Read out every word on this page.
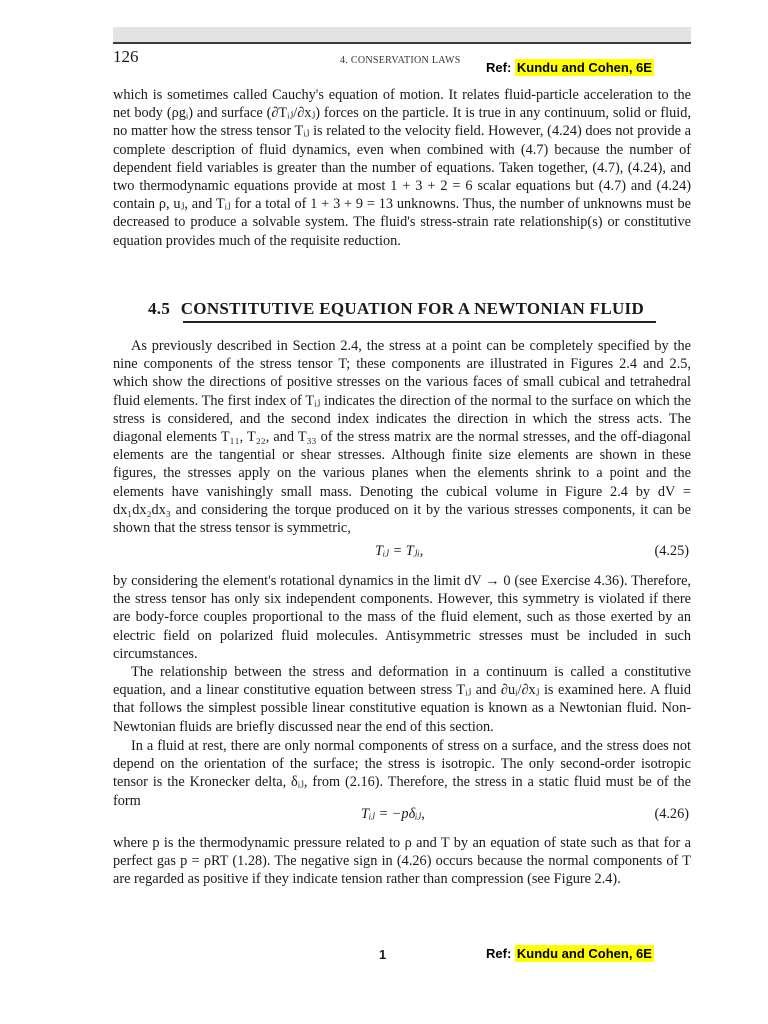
126	4. CONSERVATION LAWS Ref: Kundu and Cohen, 6E

which is sometimes called Cauchy's equation of motion. It relates fluid-particle acceleration to the net body (ρgᵢ) and surface (∂Tᵢⱼ/∂xⱼ) forces on the particle. It is true in any continuum, solid or fluid, no matter how the stress tensor Tᵢⱼ is related to the velocity field. However, (4.24) does not provide a complete description of fluid dynamics, even when combined with (4.7) because the number of dependent field variables is greater than the number of equations. Taken together, (4.7), (4.24), and two thermodynamic equations provide at most 1 + 3 + 2 = 6 scalar equations but (4.7) and (4.24) contain ρ, uⱼ, and Tᵢⱼ for a total of 1 + 3 + 9 = 13 unknowns. Thus, the number of unknowns must be decreased to produce a solvable system. The fluid's stress-strain rate relationship(s) or constitutive equation provides much of the requisite reduction.

4.5 CONSTITUTIVE EQUATION FOR A NEWTONIAN FLUID

As previously described in Section 2.4, the stress at a point can be completely specified by the nine components of the stress tensor T; these components are illustrated in Figures 2.4 and 2.5, which show the directions of positive stresses on the various faces of small cubical and tetrahedral fluid elements. The first index of Tᵢⱼ indicates the direction of the normal to the surface on which the stress is considered, and the second index indicates the direction in which the stress acts. The diagonal elements T₁₁, T₂₂, and T₃₃ of the stress matrix are the normal stresses, and the off-diagonal elements are the tangential or shear stresses. Although finite size elements are shown in these figures, the stresses apply on the various planes when the elements shrink to a point and the elements have vanishingly small mass. Denoting the cubical volume in Figure 2.4 by dV = dx₁dx₂dx₃ and considering the torque produced on it by the various stresses components, it can be shown that the stress tensor is symmetric,

Tᵢⱼ = Tⱼᵢ,	(4.25)

by considering the element's rotational dynamics in the limit dV → 0 (see Exercise 4.36). Therefore, the stress tensor has only six independent components. However, this symmetry is violated if there are body-force couples proportional to the mass of the fluid element, such as those exerted by an electric field on polarized fluid molecules. Antisymmetric stresses must be included in such circumstances.

The relationship between the stress and deformation in a continuum is called a constitutive equation, and a linear constitutive equation between stress Tᵢⱼ and ∂uᵢ/∂xⱼ is examined here. A fluid that follows the simplest possible linear constitutive equation is known as a Newtonian fluid. Non-Newtonian fluids are briefly discussed near the end of this section.

In a fluid at rest, there are only normal components of stress on a surface, and the stress does not depend on the orientation of the surface; the stress is isotropic. The only second-order isotropic tensor is the Kronecker delta, δᵢⱼ, from (2.16). Therefore, the stress in a static fluid must be of the form

Tᵢⱼ = −pδᵢⱼ,	(4.26)

where p is the thermodynamic pressure related to ρ and T by an equation of state such as that for a perfect gas p = ρRT (1.28). The negative sign in (4.26) occurs because the normal components of T are regarded as positive if they indicate tension rather than compression (see Figure 2.4).

1	Ref: Kundu and Cohen, 6E
